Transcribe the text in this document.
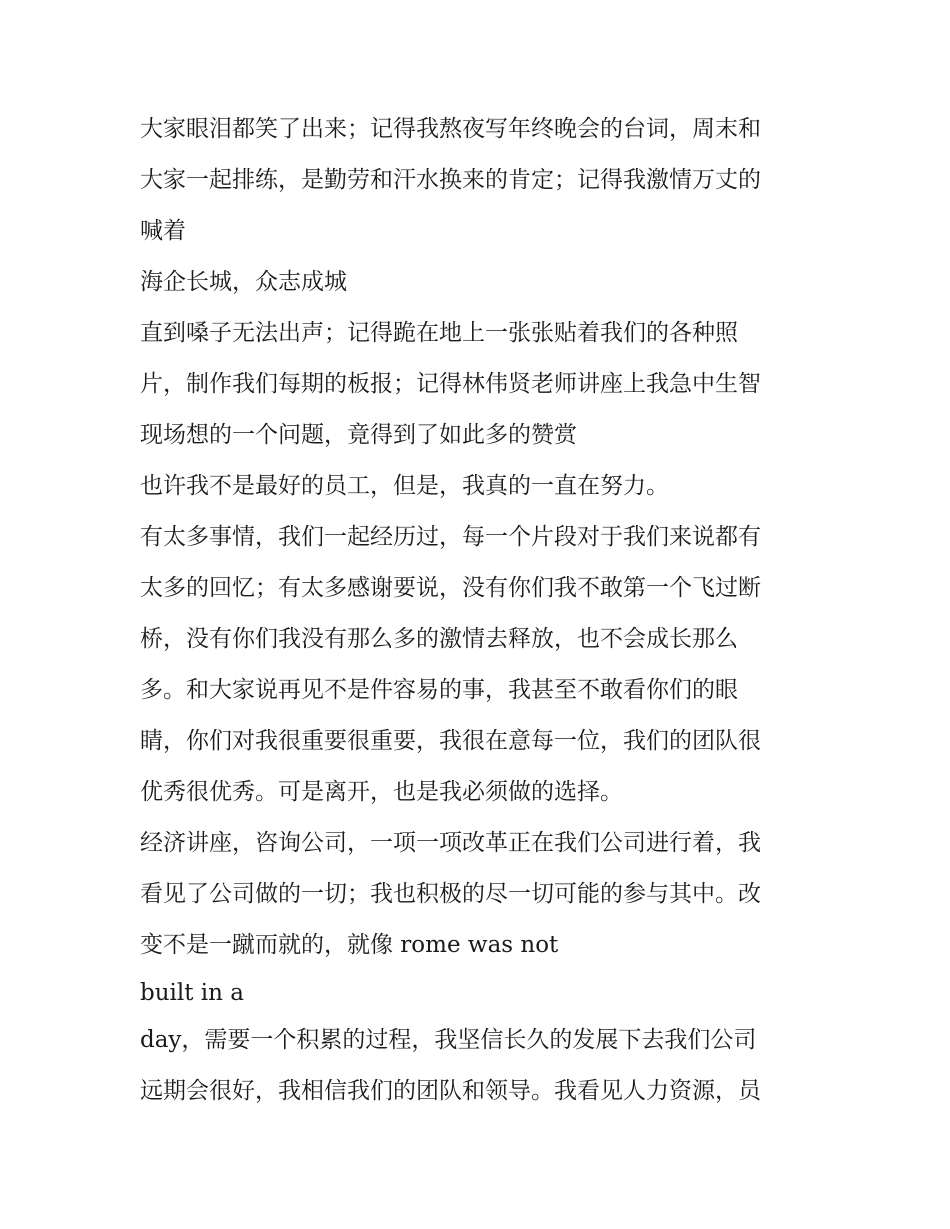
大家眼泪都笑了出来；记得我熬夜写年终晚会的台词，周末和
大家一起排练，是勤劳和汗水换来的肯定；记得我激情万丈的
喊着

海企长城，众志成城

直到嗓子无法出声；记得跪在地上一张张贴着我们的各种照
片，制作我们每期的板报；记得林伟贤老师讲座上我急中生智
现场想的一个问题，竟得到了如此多的赞赏

也许我不是最好的员工，但是，我真的一直在努力。

有太多事情，我们一起经历过，每一个片段对于我们来说都有
太多的回忆；有太多感谢要说，没有你们我不敢第一个飞过断
桥，没有你们我没有那么多的激情去释放，也不会成长那么
多。和大家说再见不是件容易的事，我甚至不敢看你们的眼
睛，你们对我很重要很重要，我很在意每一位，我们的团队很
优秀很优秀。可是离开，也是我必须做的选择。

经济讲座，咨询公司，一项一项改革正在我们公司进行着，我
看见了公司做的一切；我也积极的尽一切可能的参与其中。改
变不是一蹴而就的，就像 rome was not

built in a

day，需要一个积累的过程，我坚信长久的发展下去我们公司
远期会很好，我相信我们的团队和领导。我看见人力资源，员
